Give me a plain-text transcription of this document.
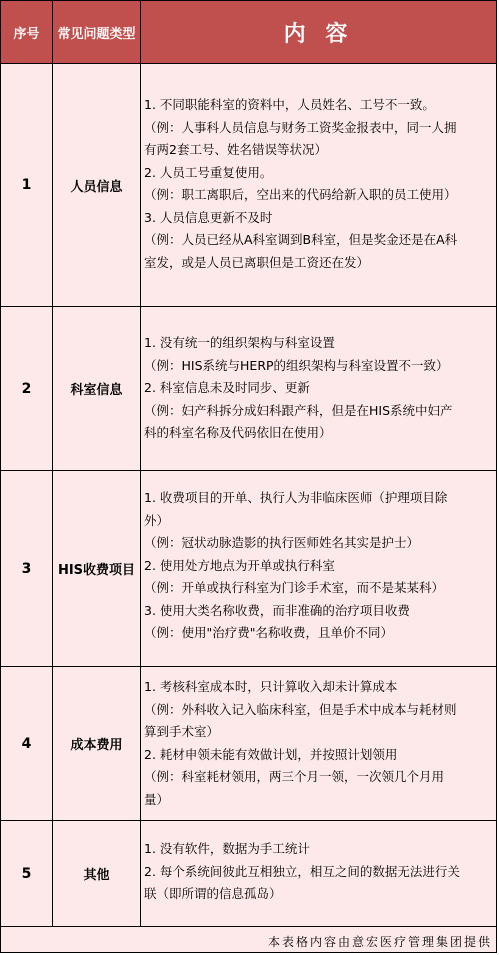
序号	常见问题类型	内 容
1	人员信息
1. 不同职能科室的资料中，人员姓名、工号不一致。
（例：人事科人员信息与财务工资奖金报表中，同一人拥
有两2套工号、姓名错误等状况）
2. 人员工号重复使用。
（例：职工离职后，空出来的代码给新入职的员工使用）
3. 人员信息更新不及时
（例：人员已经从A科室调到B科室，但是奖金还是在A科
室发，或是人员已离职但是工资还在发）
2	科室信息
1. 没有统一的组织架构与科室设置
（例：HIS系统与HERP的组织架构与科室设置不一致）
2. 科室信息未及时同步、更新
（例：妇产科拆分成妇科跟产科，但是在HIS系统中妇产
科的科室名称及代码依旧在使用）
3	HIS收费项目
1. 收费项目的开单、执行人为非临床医师（护理项目除
外）
（例：冠状动脉造影的执行医师姓名其实是护士）
2. 使用处方地点为开单或执行科室
（例：开单或执行科室为门诊手术室，而不是某某科）
3. 使用大类名称收费，而非准确的治疗项目收费
（例：使用"治疗费"名称收费，且单价不同）
4	成本费用
1. 考核科室成本时，只计算收入却未计算成本
（例：外科收入记入临床科室，但是手术中成本与耗材则
算到手术室）
2. 耗材申领未能有效做计划，并按照计划领用
（例：科室耗材领用，两三个月一领，一次领几个月用
量）
5	其他
1. 没有软件，数据为手工统计
2. 每个系统间彼此互相独立，相互之间的数据无法进行关
联（即所谓的信息孤岛）
本表格内容由意宏医疗管理集团提供
